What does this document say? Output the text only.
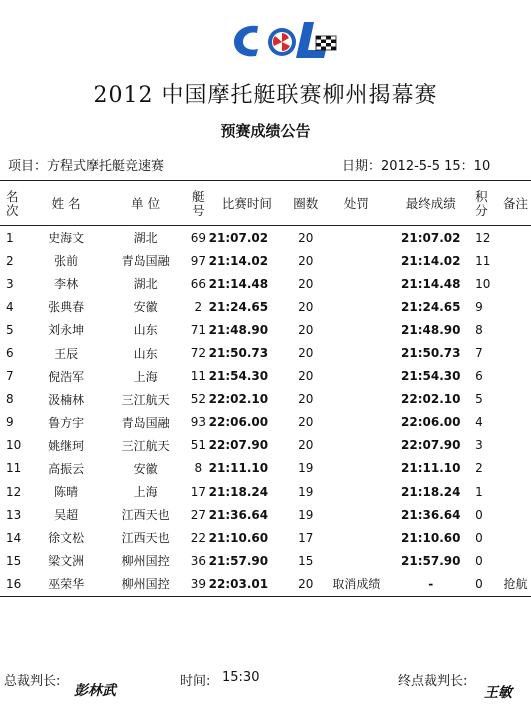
2012 中国摩托艇联赛柳州揭幕赛
预赛成绩公告
项目：方程式摩托艇竞速赛	日期：2012-5-5 15：10
名次	姓 名	单 位	艇号	比赛时间	圈数	处罚	最终成绩	积分	备注
1	史海文	湖北	69	21:07.02	20		21:07.02	12	
2	张前	青岛国融	97	21:14.02	20		21:14.02	11	
3	李林	湖北	66	21:14.48	20		21:14.48	10	
4	张典春	安徽	2	21:24.65	20		21:24.65	9	
5	刘永坤	山东	71	21:48.90	20		21:48.90	8	
6	王辰	山东	72	21:50.73	20		21:50.73	7	
7	倪浩军	上海	11	21:54.30	20		21:54.30	6	
8	汲楠林	三江航天	52	22:02.10	20		22:02.10	5	
9	鲁方宇	青岛国融	93	22:06.00	20		22:06.00	4	
10	姚继珂	三江航天	51	22:07.90	20		22:07.90	3	
11	高振云	安徽	8	21:11.10	19		21:11.10	2	
12	陈晴	上海	17	21:18.24	19		21:18.24	1	
13	吴超	江西天也	27	21:36.64	19		21:36.64	0	
14	徐文松	江西天也	22	21:10.60	17		21:10.60	0	
15	梁文洲	柳州国控	36	21:57.90	15		21:57.90	0	
16	巫荣华	柳州国控	39	22:03.01	20	取消成绩	-	0	抢航
总裁判长:
彭林武
时间: 15:30	终点裁判长:
王敏
